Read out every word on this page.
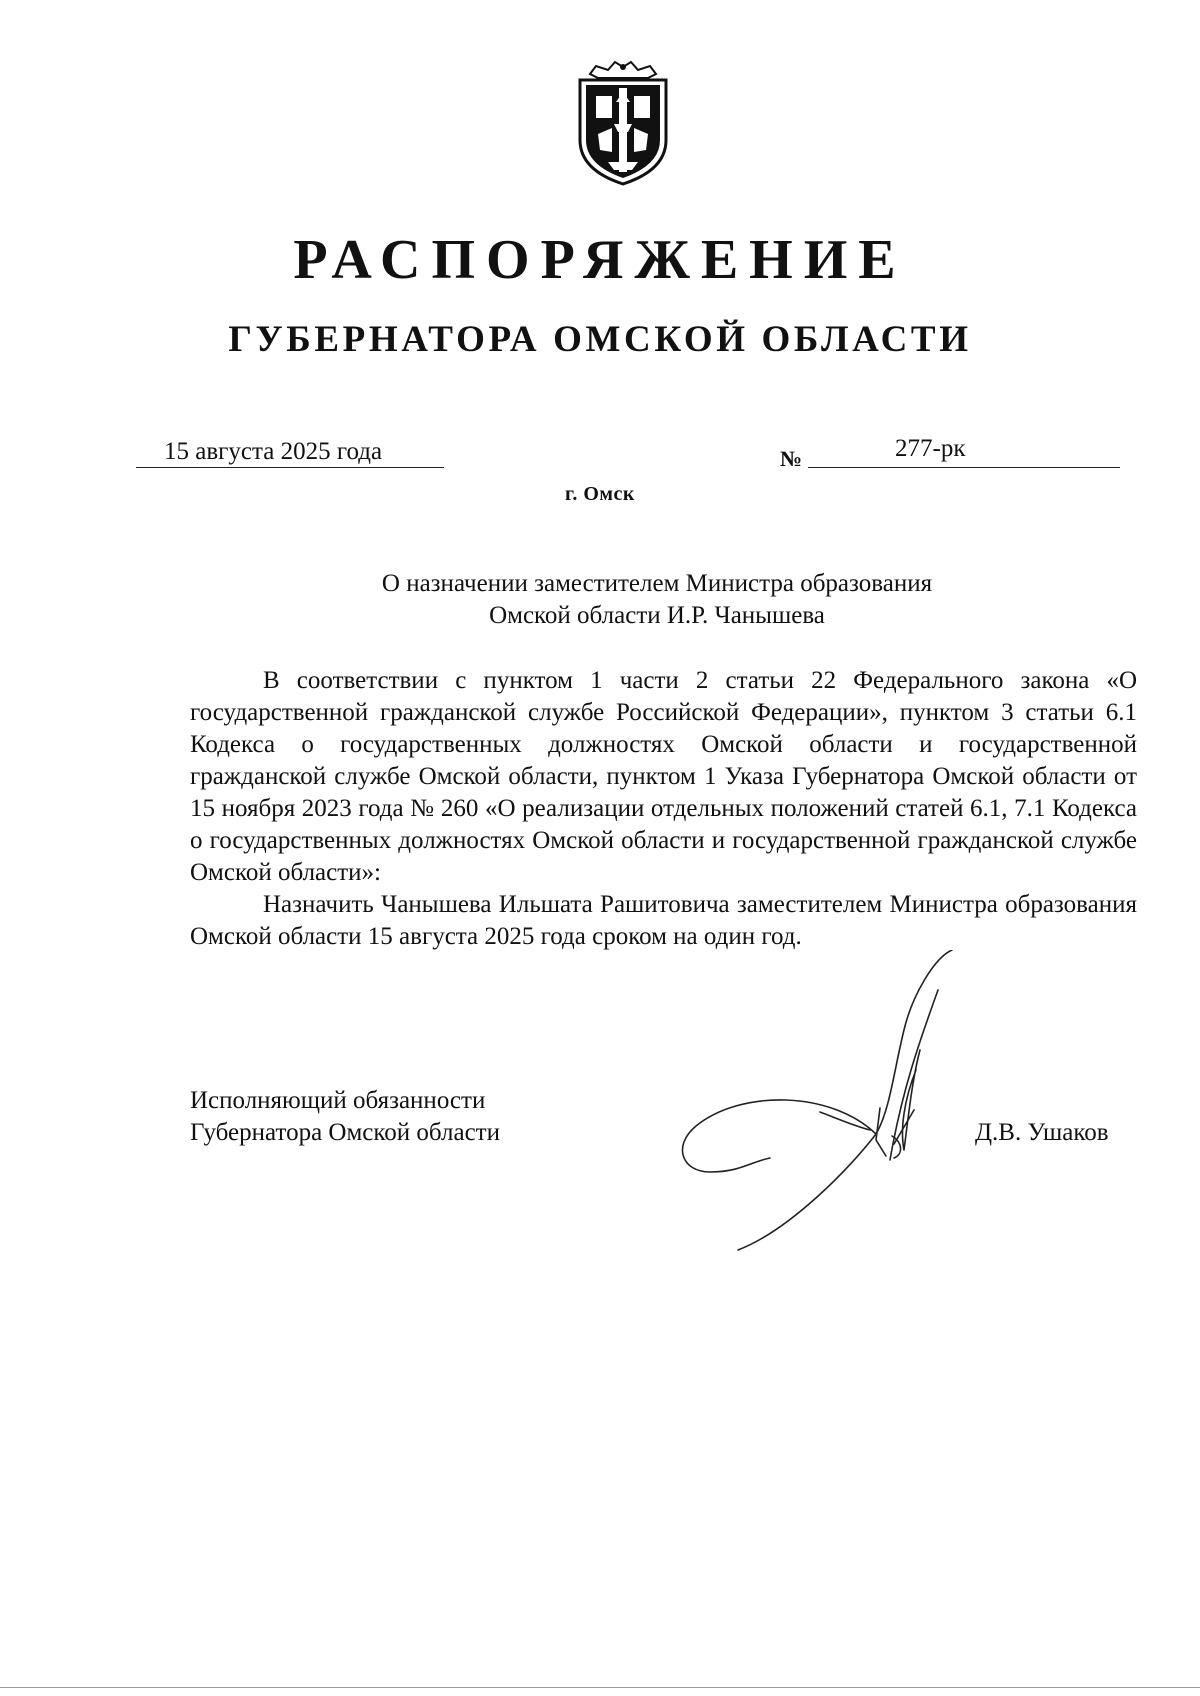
РАСПОРЯЖЕНИЕ
ГУБЕРНАТОРА ОМСКОЙ ОБЛАСТИ
15 августа 2025 года	№	277-рк
г. Омск
О назначении заместителем Министра образования
Омской области И.Р. Чанышева

В соответствии с пунктом 1 части 2 статьи 22 Федерального закона «О государственной гражданской службе Российской Федерации», пунктом 3 статьи 6.1 Кодекса о государственных должностях Омской области и государственной гражданской службе Омской области, пунктом 1 Указа Губернатора Омской области от 15 ноября 2023 года № 260 «О реализации отдельных положений статей 6.1, 7.1 Кодекса о государственных должностях Омской области и государственной гражданской службе Омской области»:

Назначить Чанышева Ильшата Рашитовича заместителем Министра образования Омской области 15 августа 2025 года сроком на один год.

Исполняющий обязанности
Губернатора Омской области	Д.В. Ушаков
